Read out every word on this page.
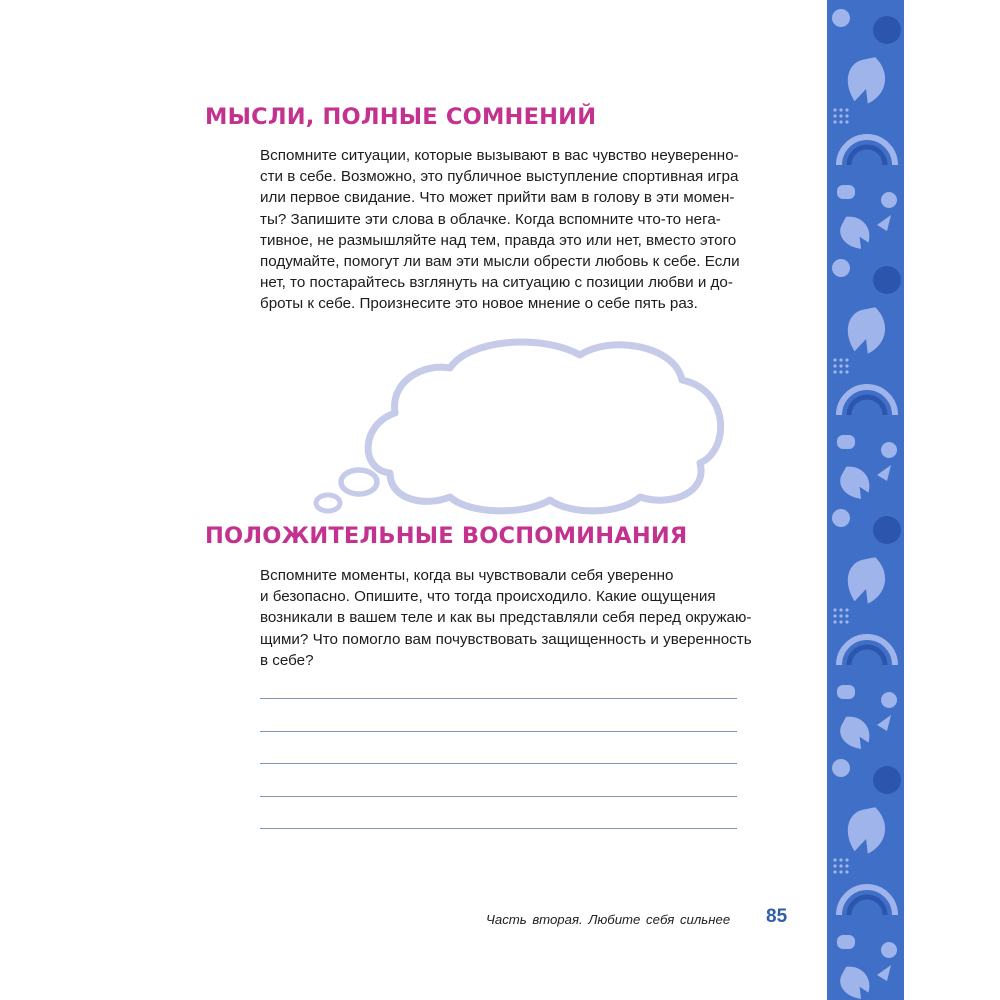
МЫСЛИ, ПОЛНЫЕ СОМНЕНИЙ
Вспомните ситуации, которые вызывают в вас чувство неуверенно-
сти в себе. Возможно, это публичное выступление спортивная игра
или первое свидание. Что может прийти вам в голову в эти момен-
ты? Запишите эти слова в облачке. Когда вспомните что-то нега-
тивное, не размышляйте над тем, правда это или нет, вместо этого
подумайте, помогут ли вам эти мысли обрести любовь к себе. Если
нет, то постарайтесь взглянуть на ситуацию с позиции любви и до-
броты к себе. Произнесите это новое мнение о себе пять раз.
ПОЛОЖИТЕЛЬНЫЕ ВОСПОМИНАНИЯ
Вспомните моменты, когда вы чувствовали себя уверенно
и безопасно. Опишите, что тогда происходило. Какие ощущения
возникали в вашем теле и как вы представляли себя перед окружаю-
щими? Что помогло вам почувствовать защищенность и уверенность
в себе?
Часть вторая. Любите себя сильнее 85
